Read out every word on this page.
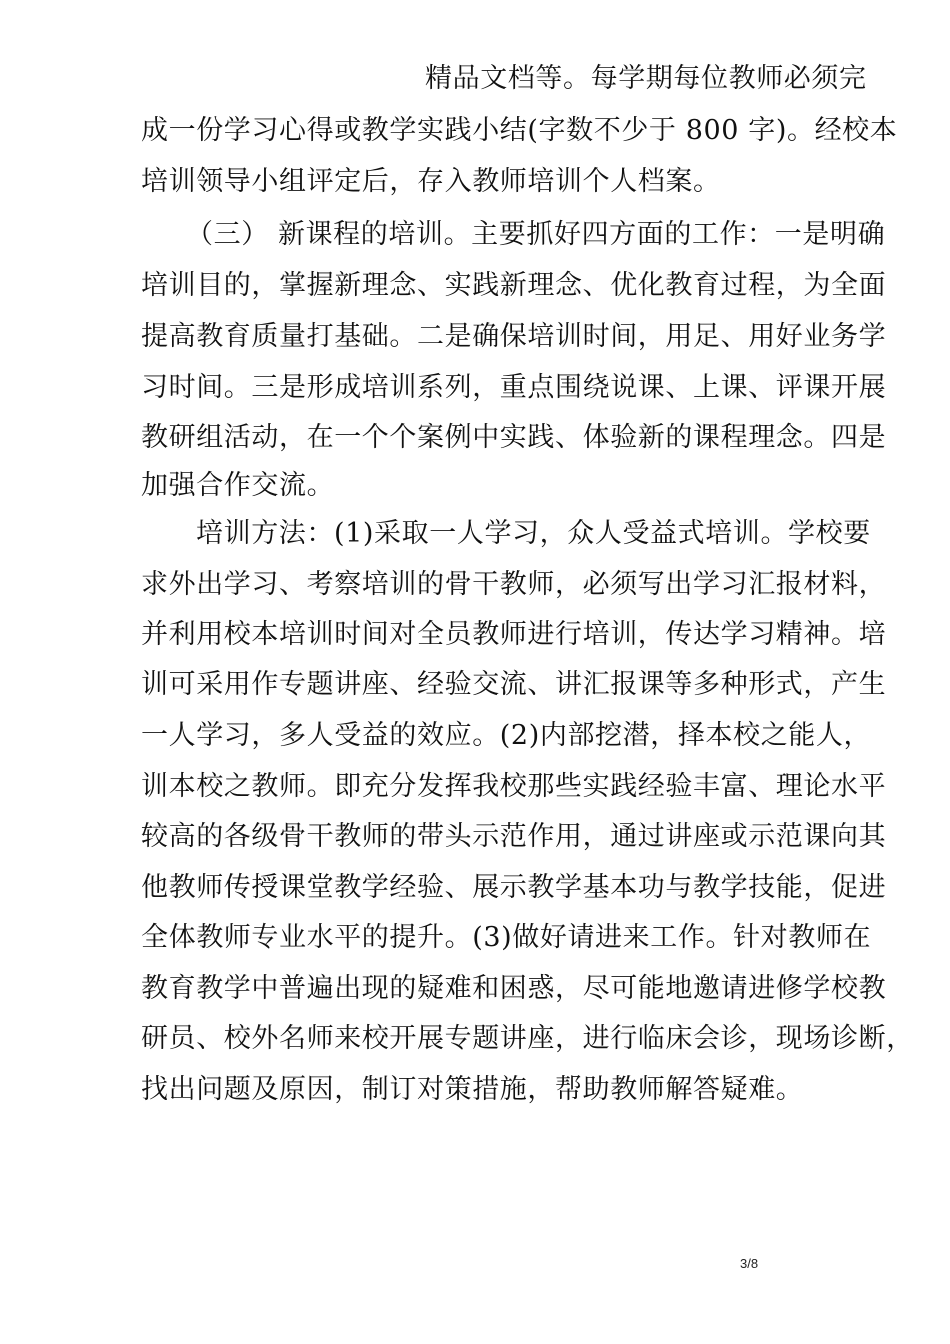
精品文档等。每学期每位教师必须完
成一份学习心得或教学实践小结(字数不少于 800 字)。经校本
培训领导小组评定后，存入教师培训个人档案。
（三） 新课程的培训。主要抓好四方面的工作：一是明确
培训目的，掌握新理念、实践新理念、优化教育过程，为全面
提高教育质量打基础。二是确保培训时间，用足、用好业务学
习时间。三是形成培训系列，重点围绕说课、上课、评课开展
教研组活动，在一个个案例中实践、体验新的课程理念。四是
加强合作交流。
培训方法：(1)采取一人学习，众人受益式培训。学校要
求外出学习、考察培训的骨干教师，必须写出学习汇报材料，
并利用校本培训时间对全员教师进行培训，传达学习精神。培
训可采用作专题讲座、经验交流、讲汇报课等多种形式，产生
一人学习，多人受益的效应。(2)内部挖潜，择本校之能人，
训本校之教师。即充分发挥我校那些实践经验丰富、理论水平
较高的各级骨干教师的带头示范作用，通过讲座或示范课向其
他教师传授课堂教学经验、展示教学基本功与教学技能，促进
全体教师专业水平的提升。(3)做好请进来工作。针对教师在
教育教学中普遍出现的疑难和困惑，尽可能地邀请进修学校教
研员、校外名师来校开展专题讲座，进行临床会诊，现场诊断，
找出问题及原因，制订对策措施，帮助教师解答疑难。
3/8
